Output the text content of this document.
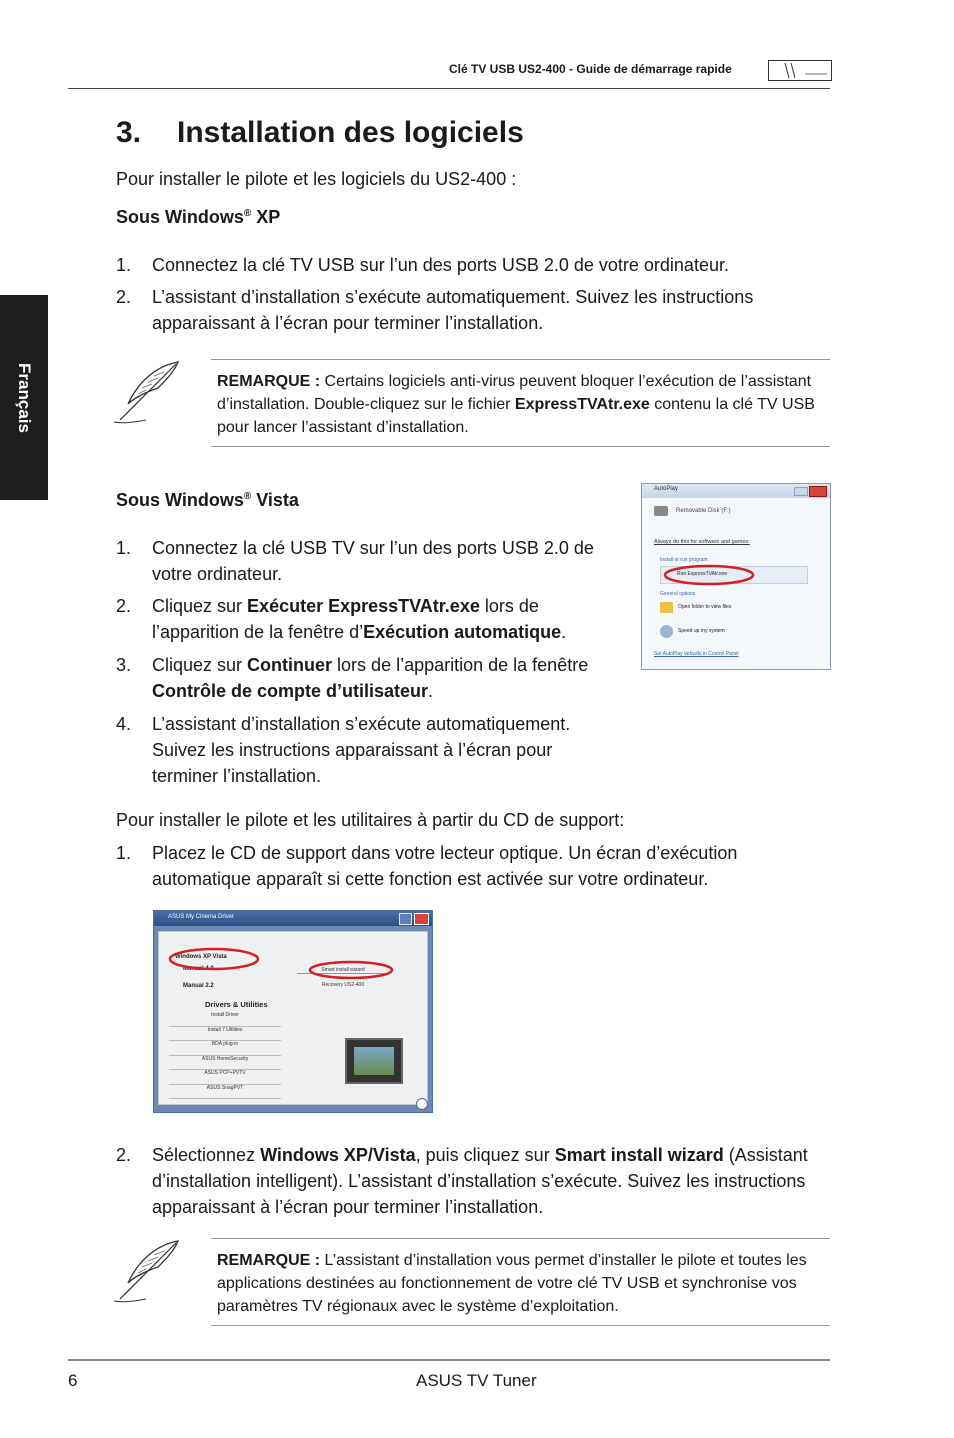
Clé TV USB US2-400 - Guide de démarrage rapide
Français
3. Installation des logiciels
Pour installer le pilote et les logiciels du US2-400 :
Sous Windows® XP
1. Connectez la clé TV USB sur l’un des ports USB 2.0 de votre ordinateur.
2. L’assistant d’installation s’exécute automatiquement. Suivez les instructions apparaissant à l’écran pour terminer l’installation.
REMARQUE : Certains logiciels anti-virus peuvent bloquer l’exécution de l’assistant d’installation. Double-cliquez sur le fichier ExpressTVAtr.exe contenu la clé TV USB pour lancer l’assistant d’installation.
Sous Windows® Vista
1. Connectez la clé USB TV sur l’un des ports USB 2.0 de votre ordinateur.
2. Cliquez sur Exécuter ExpressTVAtr.exe lors de l’apparition de la fenêtre d’Exécution automatique.
3. Cliquez sur Continuer lors de l’apparition de la fenêtre Contrôle de compte d’utilisateur.
4. L’assistant d’installation s’exécute automatiquement. Suivez les instructions apparaissant à l’écran pour terminer l’installation.
AutoPlay
Removable Disk (F:)
Always do this for software and games:
Install or run program
Run ExpressTVAtr.exe
General options
Open folder to view files
Speed up my system
Set AutoPlay defaults in Control Panel
Pour installer le pilote et les utilitaires à partir du CD de support:
1. Placez le CD de support dans votre lecteur optique. Un écran d’exécution automatique apparaît si cette fonction est activée sur votre ordinateur.
ASUS My Cinema Driver
Windows XP Vista
Manual 4.0
Manual 2.2
Drivers & Utilities
Install Driver
Install 7 Utilities
BDA plug-in
ASUS HomeSecurity
ASUS PCP+PVTV
ASUS SnagPVT
Smart install wizard
Recovery US2-400
2. Sélectionnez Windows XP/Vista, puis cliquez sur Smart install wizard (Assistant d’installation intelligent). L’assistant d’installation s’exécute. Suivez les instructions apparaissant à l’écran pour terminer l’installation.
REMARQUE : L’assistant d’installation vous permet d’installer le pilote et toutes les applications destinées au fonctionnement de votre clé TV USB et synchronise vos paramètres TV régionaux avec le système d’exploitation.
6	ASUS TV Tuner
